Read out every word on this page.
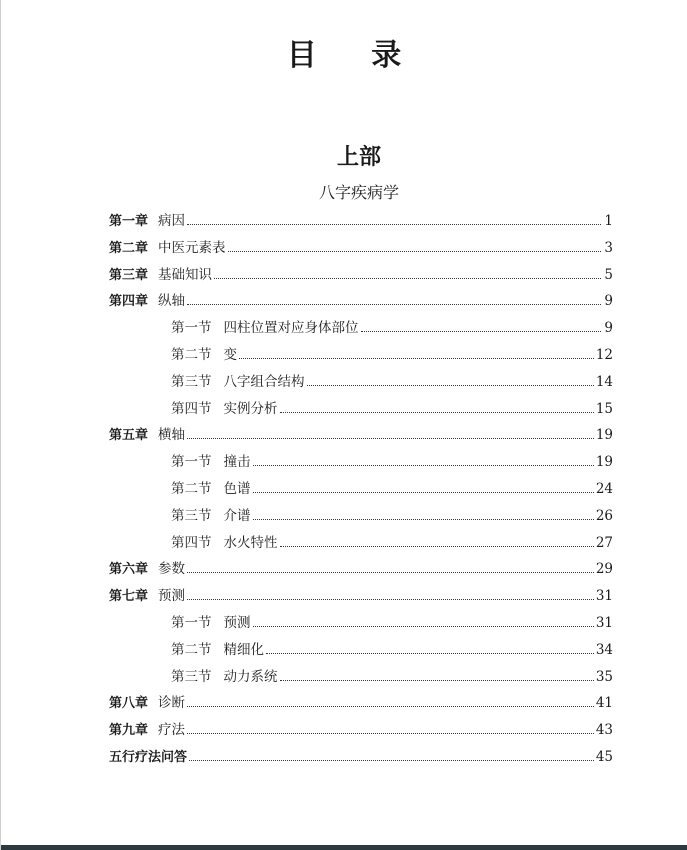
目 录
上部
八字疾病学
第一章 病因	1
第二章 中医元素表	3
第三章 基础知识	5
第四章 纵轴	9
第一节 四柱位置对应身体部位	9
第二节 变	12
第三节 八字组合结构	14
第四节 实例分析	15
第五章 横轴	19
第一节 撞击	19
第二节 色谱	24
第三节 介谱	26
第四节 水火特性	27
第六章 参数	29
第七章 预测	31
第一节 预测	31
第二节 精细化	34
第三节 动力系统	35
第八章 诊断	41
第九章 疗法	43
五行疗法问答	45
